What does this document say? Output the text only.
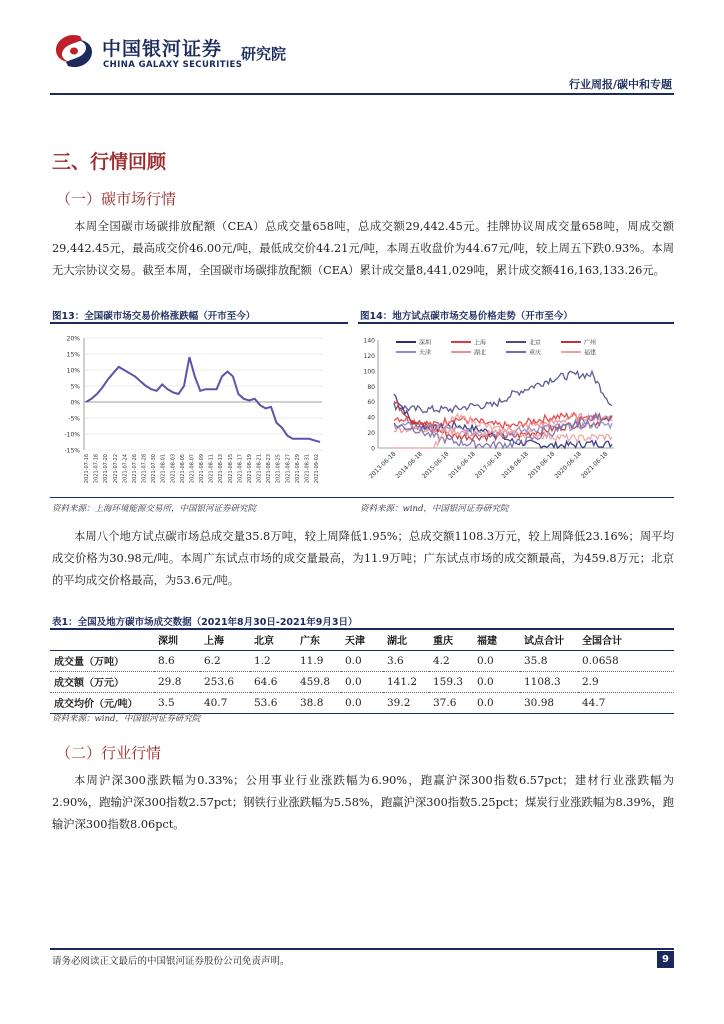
中国银河证券
CHINA GALAXY SECURITIES
研究院
行业周报/碳中和专题
三、行情回顾
（一）碳市场行情
本周全国碳市场碳排放配额（CEA）总成交量658吨，总成交额29,442.45元。挂牌协议周成交量658吨，周成交额29,442.45元，最高成交价46.00元/吨，最低成交价44.21元/吨，本周五收盘价为44.67元/吨，较上周五下跌0.93%。本周无大宗协议交易。截至本周，全国碳市场碳排放配额（CEA）累计成交量8,441,029吨，累计成交额416,163,133.26元。
图13：全国碳市场交易价格涨跌幅（开市至今）	图14：地方试点碳市场交易价格走势（开市至今）
20%
15%
10%
5%
0%
-5%
-10%
-15%
2021-07-16 2021-07-18 2021-07-20 2021-07-22 2021-07-24 2021-07-26 2021-07-28 2021-07-30 2021-08-01 2021-08-03 2021-08-05 2021-08-07 2021-08-09 2021-08-11 2021-08-13 2021-08-15 2021-08-17 2021-08-19 2021-08-21 2021-08-23 2021-08-25 2021-08-27 2021-08-29 2021-08-31 2021-09-02
140
120
100
80
60
40
20
0
深圳	上海	北京	广州
天津	湖北	重庆	福建
2013-06-18
2014-06-18
2015-06-18
2016-06-18
2017-06-18
2018-06-18
2019-06-18
2020-06-18
2021-06-18
资料来源：上海环境能源交易所，中国银河证券研究院	资料来源：wind，中国银河证券研究院
本周八个地方试点碳市场总成交量35.8万吨，较上周降低1.95%；总成交额1108.3万元，较上周降低23.16%；周平均成交价格为30.98元/吨。本周广东试点市场的成交量最高，为11.9万吨；广东试点市场的成交额最高，为459.8万元；北京的平均成交价格最高，为53.6元/吨。
表1：全国及地方碳市场成交数据（2021年8月30日-2021年9月3日）
	深圳	上海	北京	广东	天津	湖北	重庆	福建	试点合计	全国合计
成交量（万吨）	8.6	6.2	1.2	11.9	0.0	3.6	4.2	0.0	35.8	0.0658
成交额（万元）	29.8	253.6	64.6	459.8	0.0	141.2	159.3	0.0	1108.3	2.9
成交均价（元/吨）	3.5	40.7	53.6	38.8	0.0	39.2	37.6	0.0	30.98	44.7
资料来源：wind，中国银河证券研究院
（二）行业行情
本周沪深300涨跌幅为0.33%；公用事业行业涨跌幅为6.90%，跑赢沪深300指数6.57pct；建材行业涨跌幅为2.90%，跑输沪深300指数2.57pct；钢铁行业涨跌幅为5.58%，跑赢沪深300指数5.25pct；煤炭行业涨跌幅为8.39%，跑输沪深300指数8.06pct。
请务必阅读正文最后的中国银河证券股份公司免责声明。	9
